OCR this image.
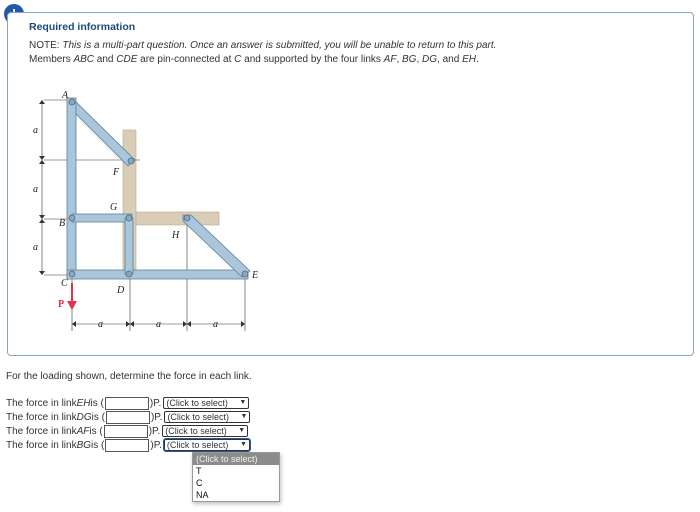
Required information
NOTE: This is a multi-part question. Once an answer is submitted, you will be unable to return to this part.
Members ABC and CDE are pin-connected at C and supported by the four links AF, BG, DG, and EH.
A
B
C
D
E
F
G
H
a
a
a
a	a	a
P
For the loading shown, determine the force in each link.
The force in link EH is (	)P. (Click to select) ▼
The force in link DG is (	)P. (Click to select) ▼
The force in link AF is (	)P. (Click to select) ▼
The force in link BG is (	)P. (Click to select) ▼
(Click to select)
T
C
NA
